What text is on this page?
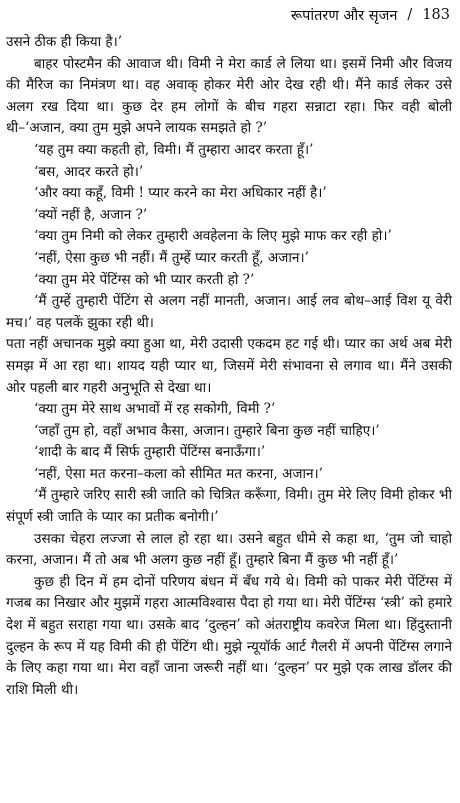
रूपांतरण और सृजन / 183

उसने ठीक ही किया है।’

बाहर पोस्टमैन की आवाज थी। विमी ने मेरा कार्ड ले लिया था। इसमें निमी और विजय की मैरिज का निमंत्रण था। वह अवाक् होकर मेरी ओर देख रही थी। मैंने कार्ड लेकर उसे अलग रख दिया था। कुछ देर हम लोगों के बीच गहरा सन्नाटा रहा। फिर वही बोली थी–‘अजान, क्या तुम मुझे अपने लायक समझते हो ?’

‘यह तुम क्या कहती हो, विमी। मैं तुम्हारा आदर करता हूँ।’

‘बस, आदर करते हो।’

‘और क्या कहूँ, विमी ! प्यार करने का मेरा अधिकार नहीं है।’

‘क्यों नहीं है, अजान ?’

‘क्या तुम निमी को लेकर तुम्हारी अवहेलना के लिए मुझे माफ कर रही हो।’

‘नहीं, ऐसा कुछ भी नहीं। मैं तुम्हें प्यार करती हूँ, अजान।’

‘क्या तुम मेरे पेंटिंग्स को भी प्यार करती हो ?’

‘मैं तुम्हें तुम्हारी पेंटिंग से अलग नहीं मानती, अजान। आई लव बोथ–आई विश यू वेरी मच।’ वह पलकें झुका रही थी।

पता नहीं अचानक मुझे क्या हुआ था, मेरी उदासी एकदम हट गई थी। प्यार का अर्थ अब मेरी समझ में आ रहा था। शायद यही प्यार था, जिसमें मेरी संभावना से लगाव था। मैंने उसकी ओर पहली बार गहरी अनुभूति से देखा था।

‘क्या तुम मेरे साथ अभावों में रह सकोगी, विमी ?’

‘जहाँ तुम हो, वहाँ अभाव कैसा, अजान। तुम्हारे बिना कुछ नहीं चाहिए।’

‘शादी के बाद मैं सिर्फ तुम्हारी पेंटिंग्स बनाऊँगा।’

‘नहीं, ऐसा मत करना–कला को सीमित मत करना, अजान।’

‘मैं तुम्हारे जरिए सारी स्त्री जाति को चित्रित करूँगा, विमी। तुम मेरे लिए विमी होकर भी संपूर्ण स्त्री जाति के प्यार का प्रतीक बनोगी।’

उसका चेहरा लज्जा से लाल हो रहा था। उसने बहुत धीमे से कहा था, ‘तुम जो चाहो करना, अजान। मैं तो अब भी अलग कुछ नहीं हूँ। तुम्हारे बिना मैं कुछ भी नहीं हूँ।’

कुछ ही दिन में हम दोनों परिणय बंधन में बँध गये थे। विमी को पाकर मेरी पेंटिंग्स में गजब का निखार और मुझमें गहरा आत्मविश्वास पैदा हो गया था। मेरी पेंटिंग्स ‘स्त्री’ को हमारे देश में बहुत सराहा गया था। उसके बाद ‘दुल्हन’ को अंतराष्ट्रीय कवरेज मिला था। हिंदुस्तानी दुल्हन के रूप में यह विमी की ही पेंटिंग थी। मुझे न्यूयॉर्क आर्ट गैलरी में अपनी पेंटिंग्स लगाने के लिए कहा गया था। मेरा वहाँ जाना जरूरी नहीं था। ‘दुल्हन’ पर मुझे एक लाख डॉलर की राशि मिली थी।
